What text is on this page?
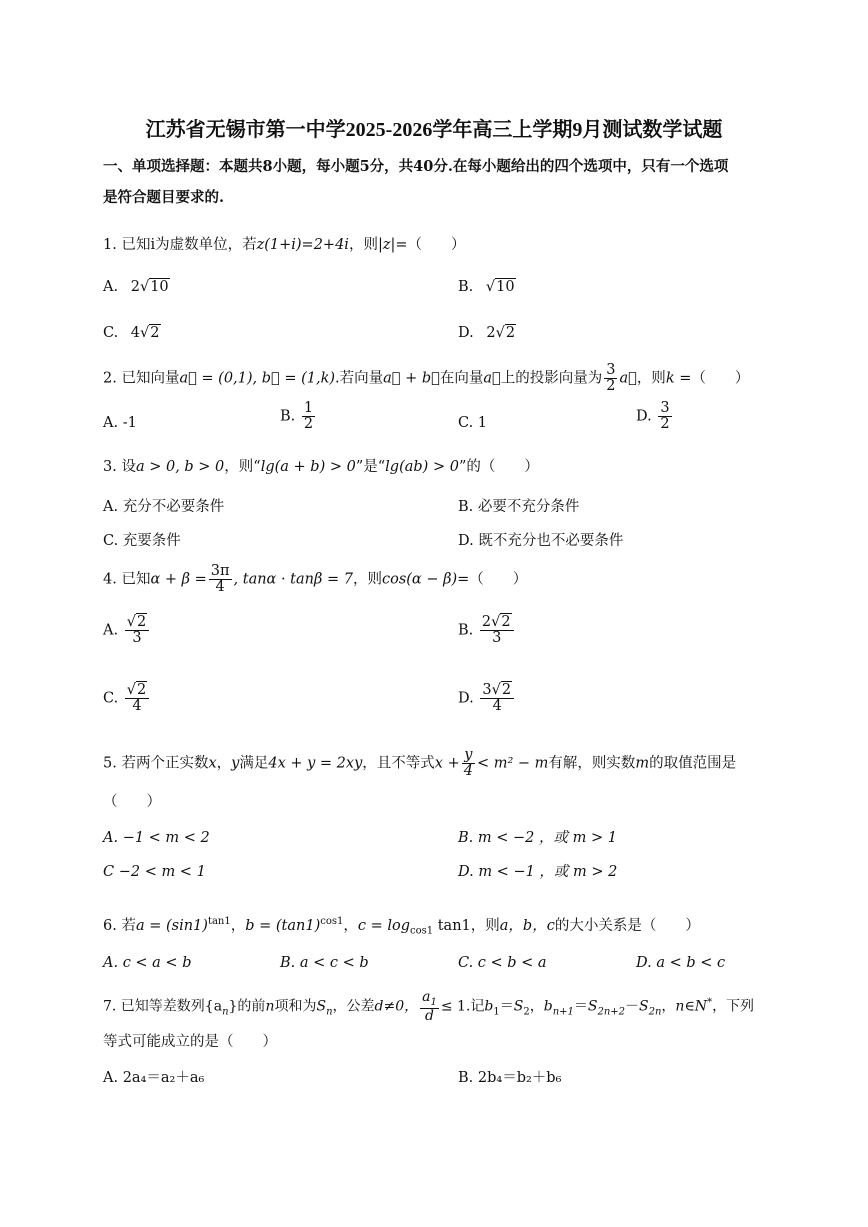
江苏省无锡市第一中学2025-2026学年高三上学期9月测试数学试题
一、单项选择题：本题共8小题，每小题5分，共40分.在每小题给出的四个选项中，只有一个选项
是符合题目要求的.
1. 已知i为虚数单位，若z(1+i)=2+4i，则|z|=（　　）
A. 2√10	B. √10
C. 4√2	D. 2√2
2. 已知向量a⃗ = (0,1), b⃗ = (1,k).若向量a⃗ + b⃗在向量a⃗上的投影向量为 $\frac{3}{2}$ a⃗，则k =（　　）
A. -1	B. $\frac{1}{2}$	C. 1	D. $\frac{3}{2}$
3. 设a > 0, b > 0，则“lg(a + b) > 0”是“lg(ab) > 0”的（　　）
A. 充分不必要条件	B. 必要不充分条件
C. 充要条件	D. 既不充分也不必要条件
4. 已知$\alpha + \beta = \frac{3\pi}{4}$ , tanα · tanβ = 7，则cos(α − β)=（　　）
A. $\frac{√2}{3}$	B. $\frac{2√2}{3}$
C. $\frac{√2}{4}$	D. $\frac{3√2}{4}$
5. 若两个正实数x，y满足4x + y = 2xy，且不等式$x + \frac{y}{4} < m^2 - m$有解，则实数m的取值范围是
（　　）
A. −1 < m < 2	B. m < −2 ，或 m > 1
C −2 < m < 1	D. m < −1 ，或 m > 2
6. 若$a = (\sin 1)^{tan1}$，$b = (\tan 1)^{cos1}$，$c = \log_{cos1} \tan 1$，则a，b，c的大小关系是（　　）
A. c < a < b	B. a < c < b	C. c < b < a	D. a < b < c
7. 已知等差数列$\{a_n\}$的前n项和为$S_n$，公差d≠0， $\frac{a_1}{d} \le 1$.记$b_1=S_2$，$b_{n+1}=S_{2n+2}-S_{2n}$，n∈N*，下列
等式可能成立的是（　　）
A. 2a₄＝a₂＋a₆	B. 2b₄＝b₂＋b₆
